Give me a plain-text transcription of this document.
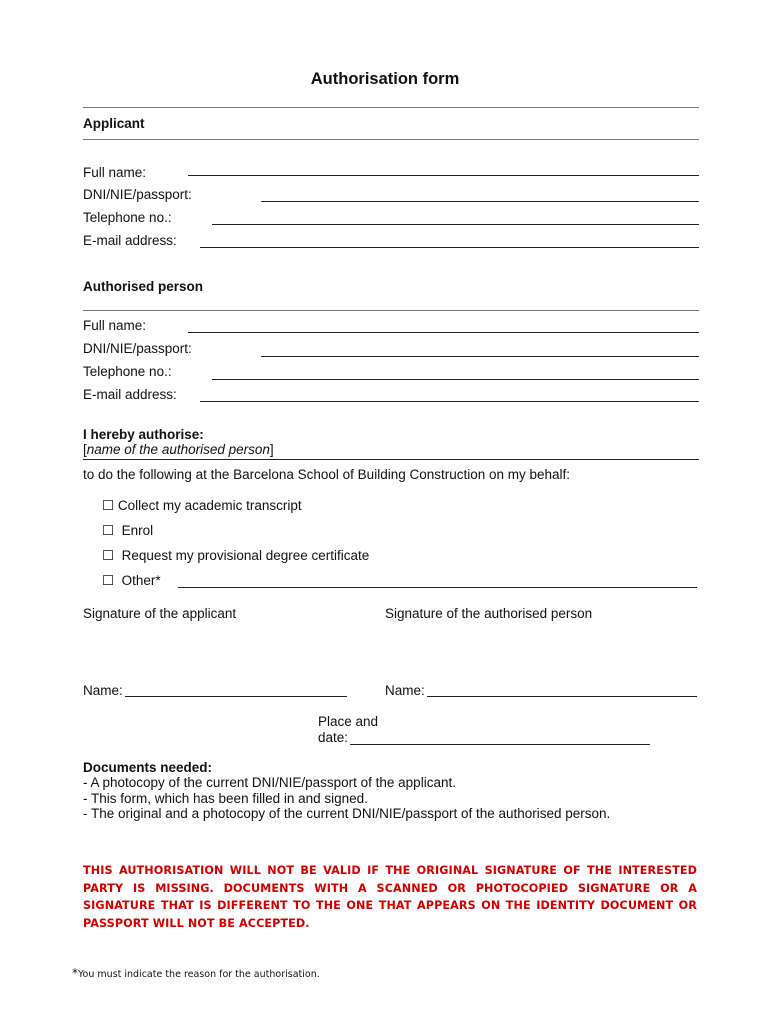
Authorisation form
Applicant
Full name:
DNI/NIE/passport:
Telephone no.:
E-mail address:
Authorised person
Full name:
DNI/NIE/passport:
Telephone no.:
E-mail address:
I hereby authorise:
[name of the authorised person]
to do the following at the Barcelona School of Building Construction on my behalf:
☐ Collect my academic transcript
☐ Enrol
☐ Request my provisional degree certificate
☐ Other*
Signature of the applicant	Signature of the authorised person
Name:	Name:
Place and
date:
Documents needed:
- A photocopy of the current DNI/NIE/passport of the applicant.
- This form, which has been filled in and signed.
- The original and a photocopy of the current DNI/NIE/passport of the authorised person.
THIS AUTHORISATION WILL NOT BE VALID IF THE ORIGINAL SIGNATURE OF THE INTERESTED PARTY IS MISSING. DOCUMENTS WITH A SCANNED OR PHOTOCOPIED SIGNATURE OR A SIGNATURE THAT IS DIFFERENT TO THE ONE THAT APPEARS ON THE IDENTITY DOCUMENT OR PASSPORT WILL NOT BE ACCEPTED.
*You must indicate the reason for the authorisation.
